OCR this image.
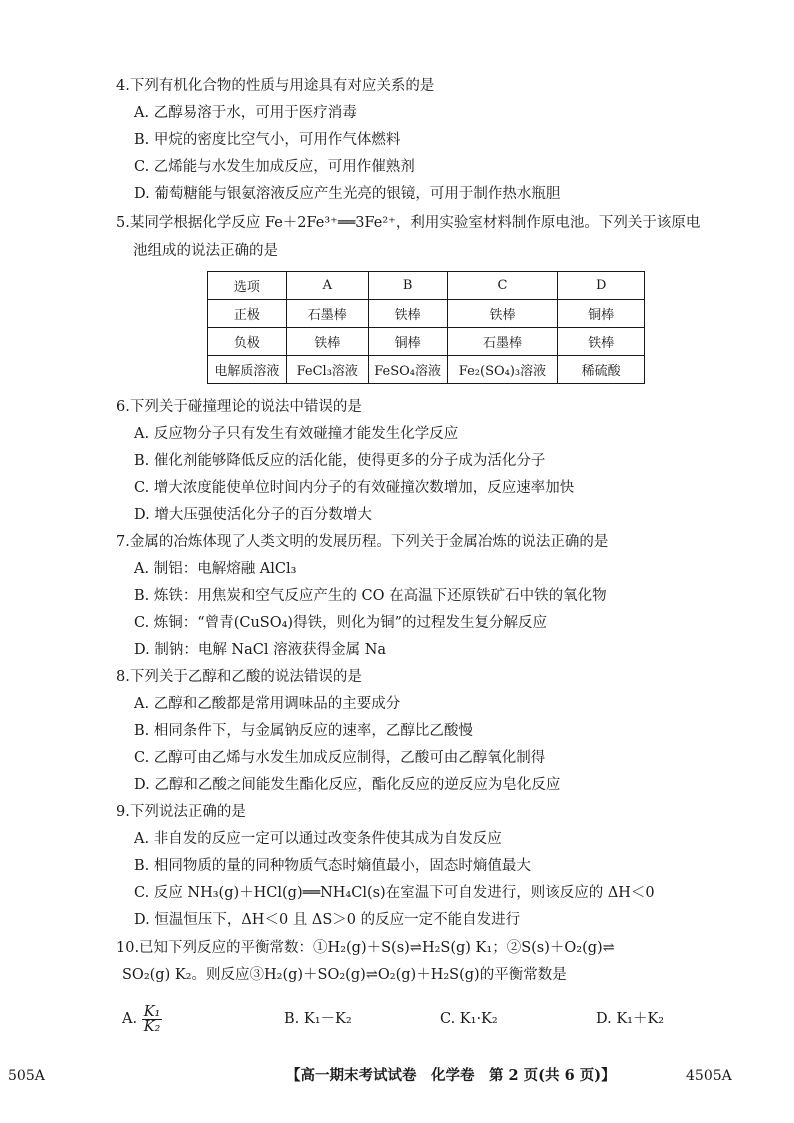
4.下列有机化合物的性质与用途具有对应关系的是
A. 乙醇易溶于水，可用于医疗消毒
B. 甲烷的密度比空气小，可用作气体燃料
C. 乙烯能与水发生加成反应，可用作催熟剂
D. 葡萄糖能与银氨溶液反应产生光亮的银镜，可用于制作热水瓶胆
5.某同学根据化学反应 Fe＋2Fe³⁺══3Fe²⁺，利用实验室材料制作原电池。下列关于该原电
池组成的说法正确的是
选项	A	B	C	D
正极	石墨棒	铁棒	铁棒	铜棒
负极	铁棒	铜棒	石墨棒	铁棒
电解质溶液	FeCl₃溶液	FeSO₄溶液	Fe₂(SO₄)₃溶液	稀硫酸
6.下列关于碰撞理论的说法中错误的是
A. 反应物分子只有发生有效碰撞才能发生化学反应
B. 催化剂能够降低反应的活化能，使得更多的分子成为活化分子
C. 增大浓度能使单位时间内分子的有效碰撞次数增加，反应速率加快
D. 增大压强使活化分子的百分数增大
7.金属的冶炼体现了人类文明的发展历程。下列关于金属冶炼的说法正确的是
A. 制铝：电解熔融 AlCl₃
B. 炼铁：用焦炭和空气反应产生的 CO 在高温下还原铁矿石中铁的氧化物
C. 炼铜：“曾青(CuSO₄)得铁，则化为铜”的过程发生复分解反应
D. 制钠：电解 NaCl 溶液获得金属 Na
8.下列关于乙醇和乙酸的说法错误的是
A. 乙醇和乙酸都是常用调味品的主要成分
B. 相同条件下，与金属钠反应的速率，乙醇比乙酸慢
C. 乙醇可由乙烯与水发生加成反应制得，乙酸可由乙醇氧化制得
D. 乙醇和乙酸之间能发生酯化反应，酯化反应的逆反应为皂化反应
9.下列说法正确的是
A. 非自发的反应一定可以通过改变条件使其成为自发反应
B. 相同物质的量的同种物质气态时熵值最小，固态时熵值最大
C. 反应 NH₃(g)＋HCl(g)══NH₄Cl(s)在室温下可自发进行，则该反应的 ΔH＜0
D. 恒温恒压下，ΔH＜0 且 ΔS＞0 的反应一定不能自发进行
10.已知下列反应的平衡常数：①H₂(g)＋S(s)⇌H₂S(g) K₁；②S(s)＋O₂(g)⇌
SO₂(g) K₂。则反应③H₂(g)＋SO₂(g)⇌O₂(g)＋H₂S(g)的平衡常数是
A. $\frac{\text{K₁}}{\text{K₂}}$	B. K₁－K₂	C. K₁·K₂	D. K₁＋K₂
505A	【高一期末考试试卷　化学卷　第 2 页(共 6 页)】	4505A
